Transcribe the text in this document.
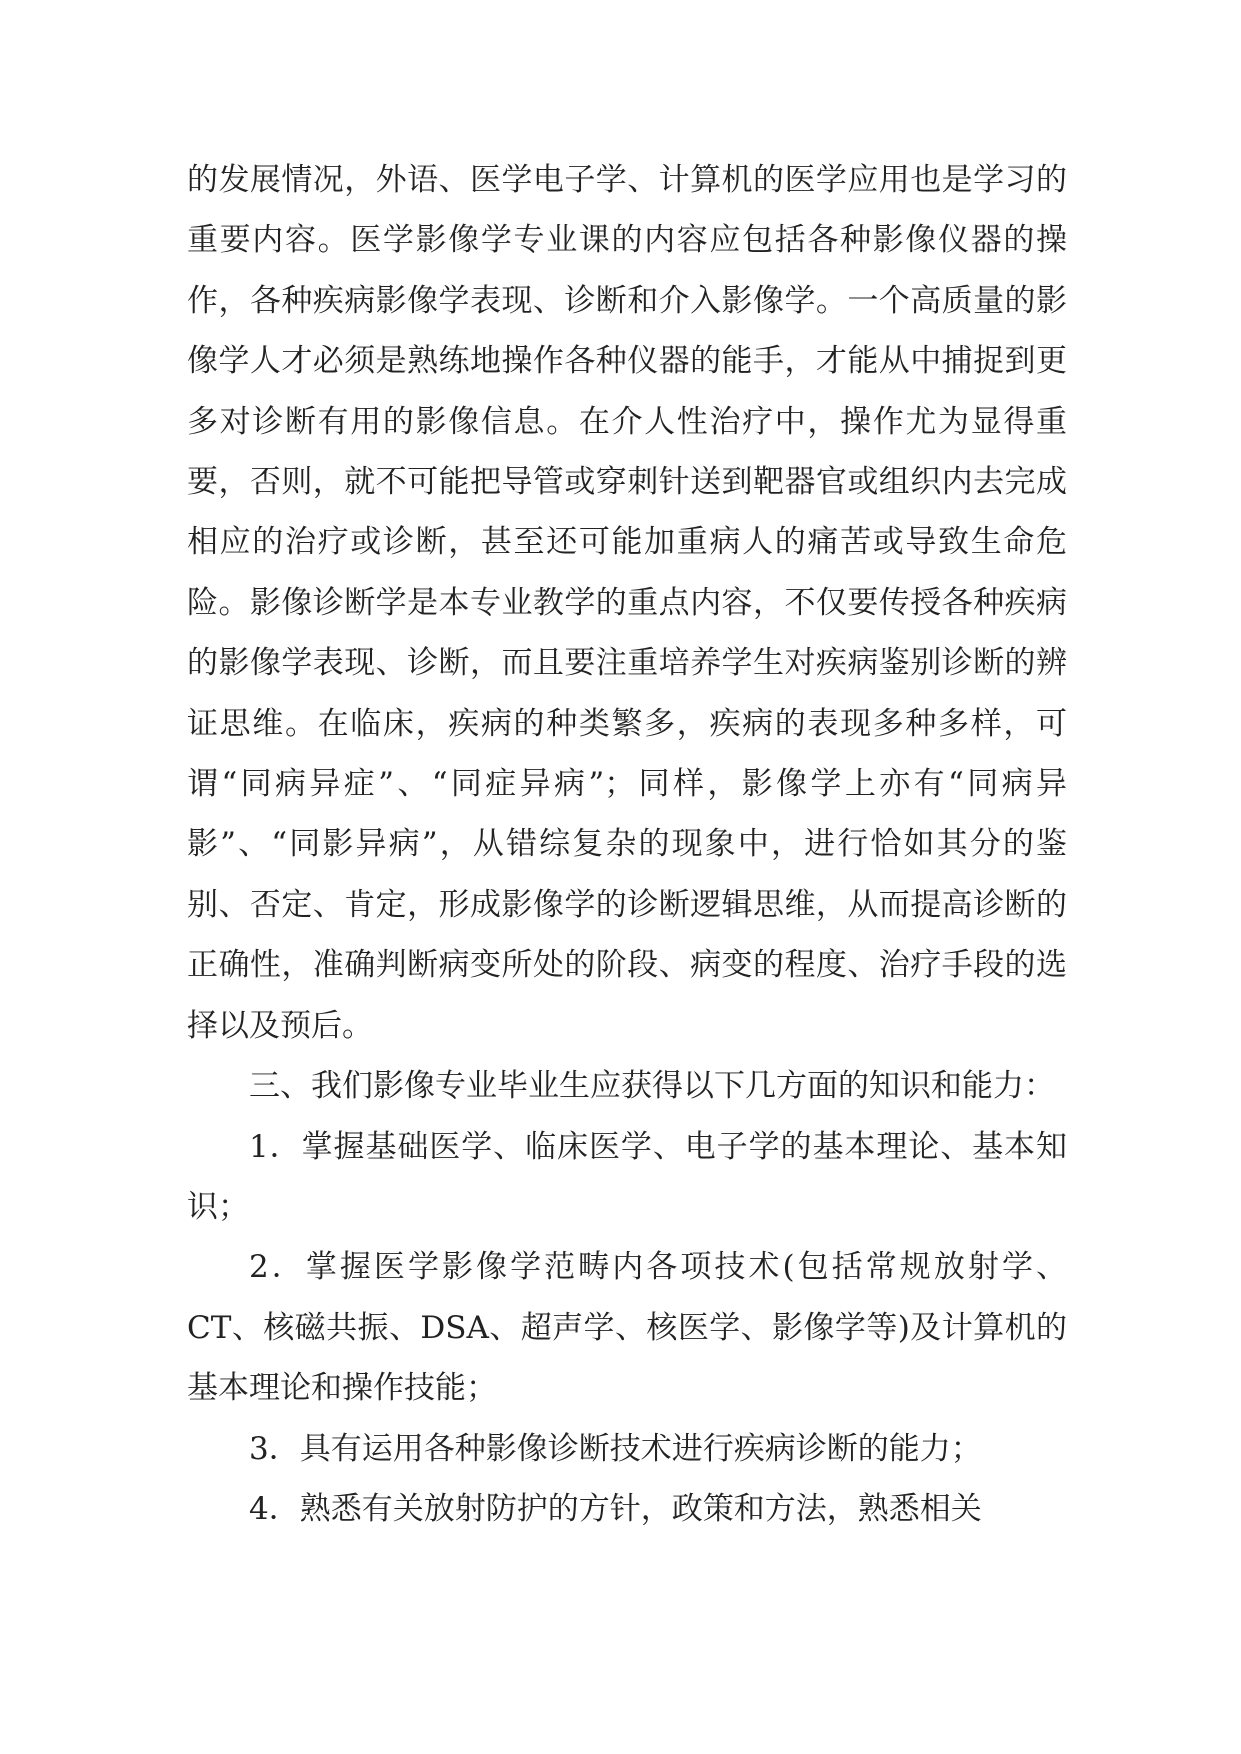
的发展情况，外语、医学电子学、计算机的医学应用也是学习的重要内容。医学影像学专业课的内容应包括各种影像仪器的操作，各种疾病影像学表现、诊断和介入影像学。一个高质量的影像学人才必须是熟练地操作各种仪器的能手，才能从中捕捉到更多对诊断有用的影像信息。在介人性治疗中，操作尤为显得重要，否则，就不可能把导管或穿刺针送到靶器官或组织内去完成相应的治疗或诊断，甚至还可能加重病人的痛苦或导致生命危险。影像诊断学是本专业教学的重点内容，不仅要传授各种疾病的影像学表现、诊断，而且要注重培养学生对疾病鉴别诊断的辨证思维。在临床，疾病的种类繁多，疾病的表现多种多样，可谓“同病异症”、“同症异病”；同样，影像学上亦有“同病异影”、“同影异病”，从错综复杂的现象中，进行恰如其分的鉴别、否定、肯定，形成影像学的诊断逻辑思维，从而提高诊断的正确性，准确判断病变所处的阶段、病变的程度、治疗手段的选择以及预后。

三、我们影像专业毕业生应获得以下几方面的知识和能力：

1．掌握基础医学、临床医学、电子学的基本理论、基本知识；

2．掌握医学影像学范畴内各项技术(包括常规放射学、CT、核磁共振、DSA、超声学、核医学、影像学等)及计算机的基本理论和操作技能；

3．具有运用各种影像诊断技术进行疾病诊断的能力；

4．熟悉有关放射防护的方针，政策和方法，熟悉相关
